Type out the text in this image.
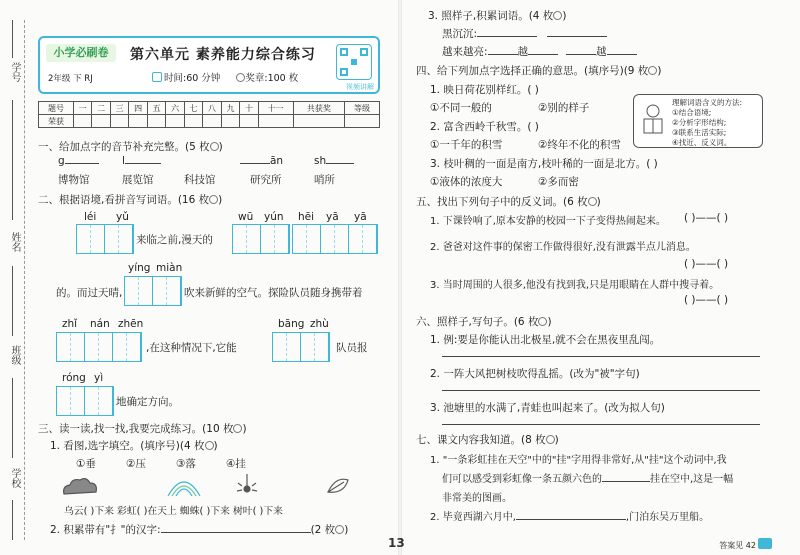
学号
姓名
班级
学校
小学必刷卷
2年级 下 RJ
第六单元 素养能力综合练习
时间:60 分钟	奖章:100 枚
视频讲解
题号	一	二	三	四	五	六	七	八	九	十	十一	共获奖	等级
荣获													
一、给加点字的音节补充完整。(5 枚 )
g	l	ān	sh
博物馆	展览馆	科技馆	研究所	哨所
二、根据语境,看拼音写词语。(16 枚 )
léi yǔ	wū yún hēi yā yā
来临之前,漫天的
yíng miàn
的。而过天晴,	吹来新鲜的空气。探险队员随身携带着
zhǐ nán zhēn	bāng zhù
,在这种情况下,它能	队员报
róng yì
地确定方向。
三、读一读,找一找,我要完成练习。(10 枚 )
1. 看图,选字填空。(填序号)(4 枚 )
①垂	②压	③落	④挂
乌云( )下来 彩虹( )在天上 蜘蛛( )下来 树叶( )下来
2. 积累带有"⺘"的汉字:	(2 枚 )
3. 照样子,积累词语。(4 枚 )
黑沉沉:
越来越亮:	越	越
四、给下列加点字选择正确的意思。(填序号)(9 枚 )
1. 映日荷花别样红。( )
①不同一般的	②别的样子
2. 富含西岭千秋雪。( )
①一千年的积雪	②终年不化的积雪
3. 枝叶稠的一面是南方,枝叶稀的一面是北方。( )
①液体的浓度大	②多而密
五、找出下列句子中的反义词。(6 枚 )
1. 下课铃响了,原本安静的校园一下子变得热闹起来。 ( )——( )
2. 爸爸对这件事的保密工作做得很好,没有泄露半点儿消息。
( )——( )
3. 当时周围的人很多,他没有找到我,只是用眼睛在人群中搜寻着。
( )——( )
六、照样子,写句子。(6 枚 )
1. 例:要是你能认出北极星,就不会在黑夜里乱闯。
2. 一阵大风把树枝吹得乱摇。(改为"被"字句)
3. 池塘里的水满了,青蛙也叫起来了。(改为拟人句)
七、课文内容我知道。(8 枚 )
1. "一条彩虹挂在天空"中的"挂"字用得非常好,从"挂"这个动词中,我
们可以感受到彩虹像一条五颜六色的	挂在空中,这是一幅
非常美的图画。
2. 毕竟西湖六月中,	,门泊东吴万里船。
理解词语含义的方法:
①结合语境;
②分析字形结构;
③联系生活实际;
④找近、反义词。
13	答案见 42
